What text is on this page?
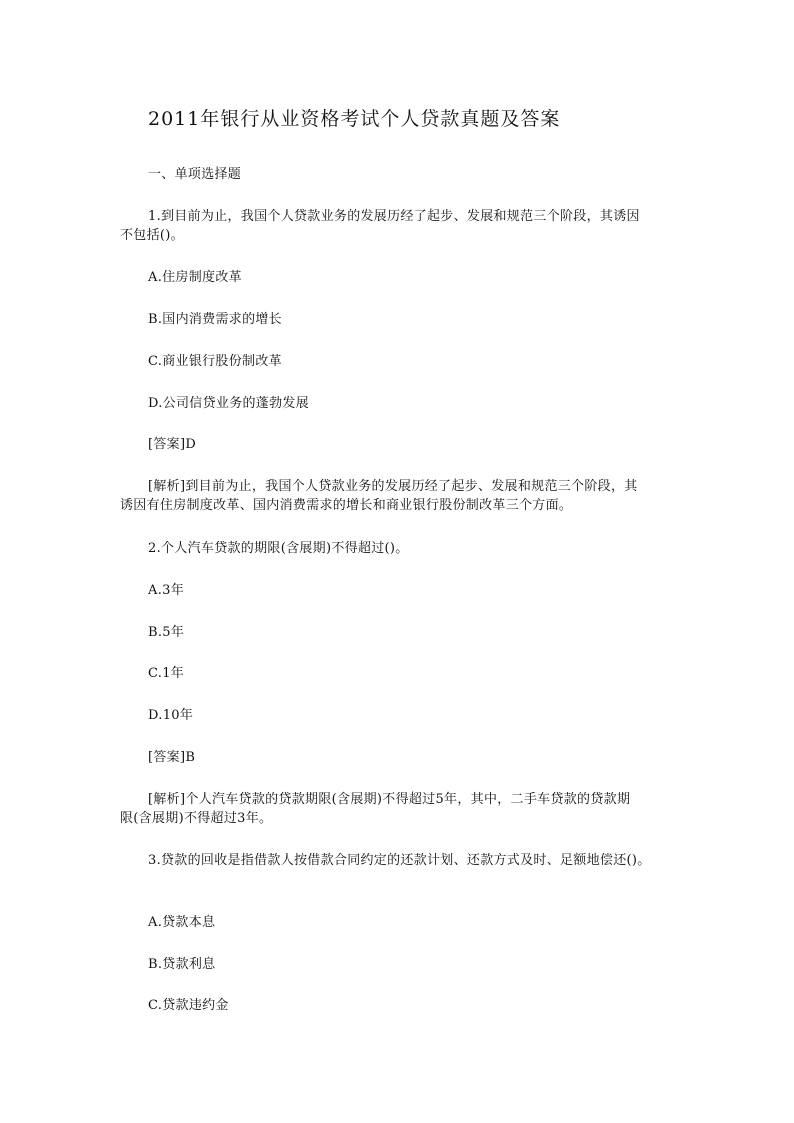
2011年银行从业资格考试个人贷款真题及答案
一、单项选择题
1.到目前为止，我国个人贷款业务的发展历经了起步、发展和规范三个阶段，其诱因
不包括()。
A.住房制度改革
B.国内消费需求的增长
C.商业银行股份制改革
D.公司信贷业务的蓬勃发展
[答案]D
[解析]到目前为止，我国个人贷款业务的发展历经了起步、发展和规范三个阶段，其
诱因有住房制度改革、国内消费需求的增长和商业银行股份制改革三个方面。
2.个人汽车贷款的期限(含展期)不得超过()。
A.3年
B.5年
C.1年
D.10年
[答案]B
[解析]个人汽车贷款的贷款期限(含展期)不得超过5年，其中，二手车贷款的贷款期
限(含展期)不得超过3年。
3.贷款的回收是指借款人按借款合同约定的还款计划、还款方式及时、足额地偿还()。
A.贷款本息
B.贷款利息
C.贷款违约金
